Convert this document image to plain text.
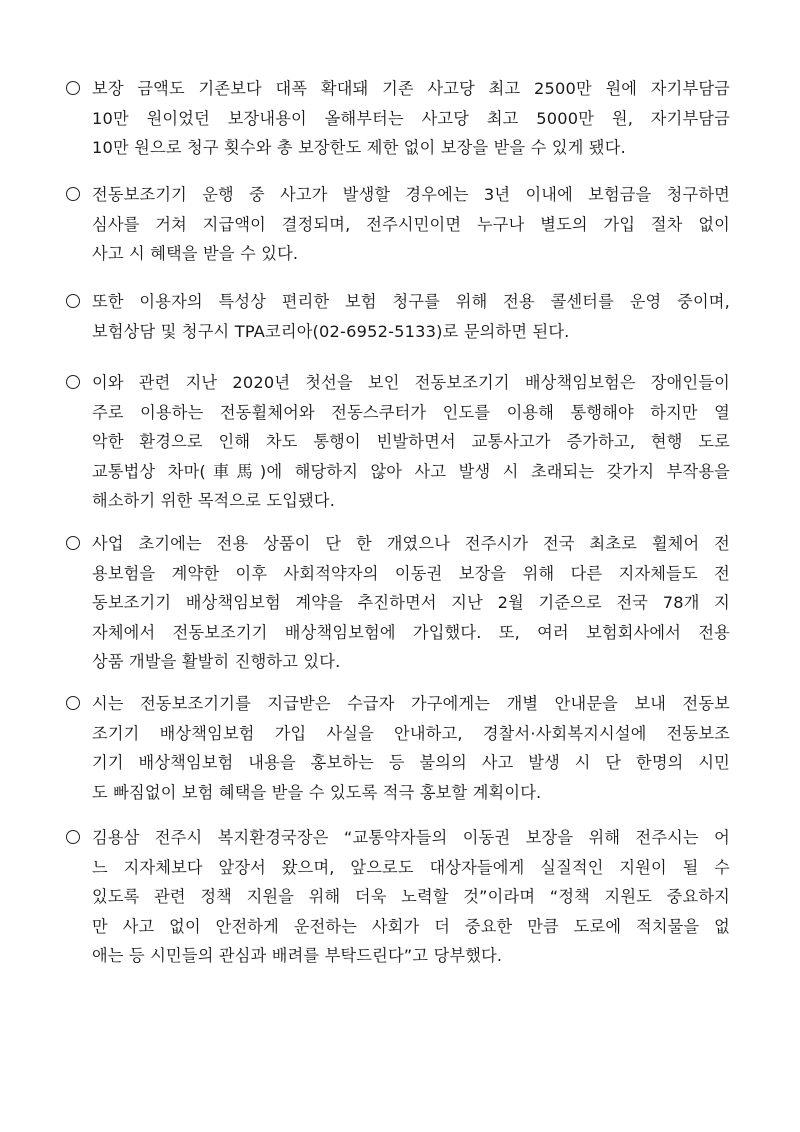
보장 금액도 기존보다 대폭 확대돼 기존 사고당 최고 2500만 원에 자기부담금
10만 원이었던 보장내용이 올해부터는 사고당 최고 5000만 원, 자기부담금
10만 원으로 청구 횟수와 총 보장한도 제한 없이 보장을 받을 수 있게 됐다.
전동보조기기 운행 중 사고가 발생할 경우에는 3년 이내에 보험금을 청구하면
심사를 거쳐 지급액이 결정되며, 전주시민이면 누구나 별도의 가입 절차 없이
사고 시 혜택을 받을 수 있다.
또한 이용자의 특성상 편리한 보험 청구를 위해 전용 콜센터를 운영 중이며,
보험상담 및 청구시 TPA코리아(02-6952-5133)로 문의하면 된다.
이와 관련 지난 2020년 첫선을 보인 전동보조기기 배상책임보험은 장애인들이
주로 이용하는 전동휠체어와 전동스쿠터가 인도를 이용해 통행해야 하지만 열
악한 환경으로 인해 차도 통행이 빈발하면서 교통사고가 증가하고, 현행 도로
교통법상 차마(車馬)에 해당하지 않아 사고 발생 시 초래되는 갖가지 부작용을
해소하기 위한 목적으로 도입됐다.
사업 초기에는 전용 상품이 단 한 개였으나 전주시가 전국 최초로 휠체어 전
용보험을 계약한 이후 사회적약자의 이동권 보장을 위해 다른 지자체들도 전
동보조기기 배상책임보험 계약을 추진하면서 지난 2월 기준으로 전국 78개 지
자체에서 전동보조기기 배상책임보험에 가입했다. 또, 여러 보험회사에서 전용
상품 개발을 활발히 진행하고 있다.
시는 전동보조기기를 지급받은 수급자 가구에게는 개별 안내문을 보내 전동보
조기기 배상책임보험 가입 사실을 안내하고, 경찰서·사회복지시설에 전동보조
기기 배상책임보험 내용을 홍보하는 등 불의의 사고 발생 시 단 한명의 시민
도 빠짐없이 보험 혜택을 받을 수 있도록 적극 홍보할 계획이다.
김용삼 전주시 복지환경국장은 “교통약자들의 이동권 보장을 위해 전주시는 어
느 지자체보다 앞장서 왔으며, 앞으로도 대상자들에게 실질적인 지원이 될 수
있도록 관련 정책 지원을 위해 더욱 노력할 것”이라며 “정책 지원도 중요하지
만 사고 없이 안전하게 운전하는 사회가 더 중요한 만큼 도로에 적치물을 없
애는 등 시민들의 관심과 배려를 부탁드린다”고 당부했다.
